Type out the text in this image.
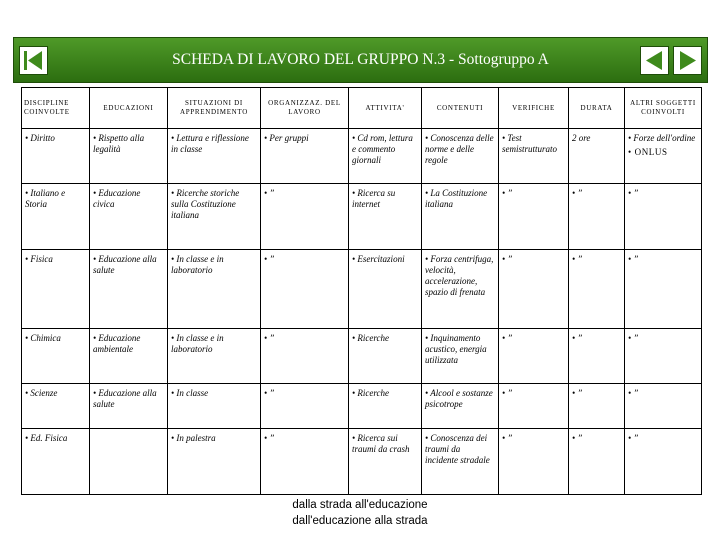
SCHEDA DI LAVORO DEL GRUPPO N.3 - Sottogruppo A
DISCIPLINE COINVOLTE	EDUCAZIONI	SITUAZIONI DI APPRENDIMENTO	ORGANIZZAZ. DEL LAVORO	ATTIVITA'	CONTENUTI	VERIFICHE	DURATA	ALTRI SOGGETTI COINVOLTI
• Diritto	• Rispetto alla legalità	• Lettura e riflessione in classe	• Per gruppi	• Cd rom, lettura e commento giornali	• Conoscenza delle norme e delle regole	• Test semistrutturato	2 ore	• Forze dell'ordine
• ONLUS

• Italiano e Storia	• Educazione civica	• Ricerche storiche sulla Costituzione italiana	• ”	• Ricerca su internet	• La Costituzione italiana	• ”	• ”	• ”
• Fisica	• Educazione alla salute	• In classe e in laboratorio	• ”	• Esercitazioni	• Forza centrifuga, velocità, accelerazione, spazio di frenata	• ”	• ”	• ”
• Chimica	• Educazione ambientale	• In classe e in laboratorio	• ”	• Ricerche	• Inquinamento acustico, energia utilizzata	• ”	• ”	• ”
• Scienze	• Educazione alla salute	• In classe	• ”	• Ricerche	• Alcool e sostanze psicotrope	• ”	• ”	• ”
• Ed. Fisica		• In palestra	• ”	• Ricerca sui traumi da crash	• Conoscenza dei traumi da incidente stradale	• ”	• ”	• ”
dalla strada all'educazione
dall'educazione alla strada
